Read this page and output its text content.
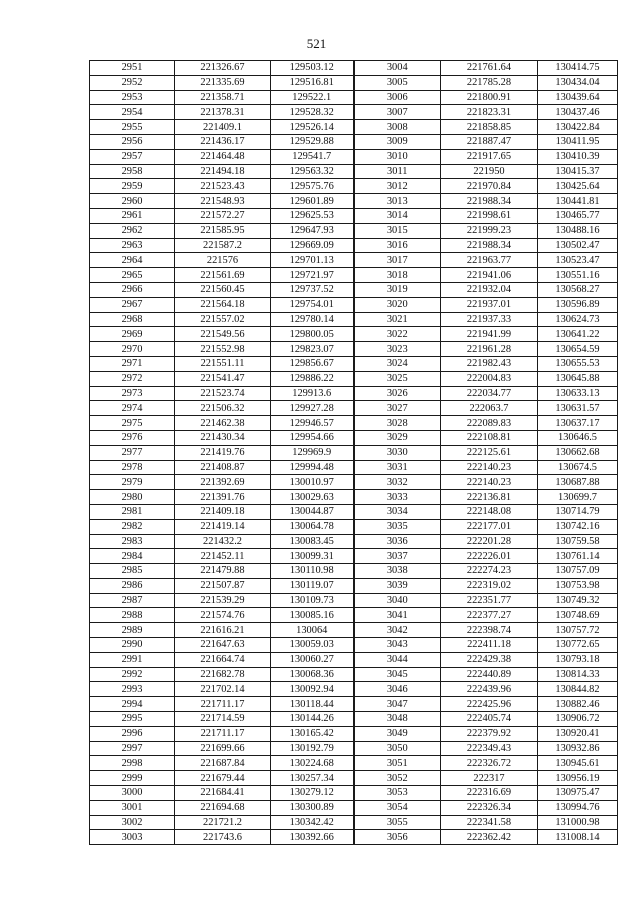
521
2951	221326.67	129503.12	3004	221761.64	130414.75
2952	221335.69	129516.81	3005	221785.28	130434.04
2953	221358.71	129522.1	3006	221800.91	130439.64
2954	221378.31	129528.32	3007	221823.31	130437.46
2955	221409.1	129526.14	3008	221858.85	130422.84
2956	221436.17	129529.88	3009	221887.47	130411.95
2957	221464.48	129541.7	3010	221917.65	130410.39
2958	221494.18	129563.32	3011	221950	130415.37
2959	221523.43	129575.76	3012	221970.84	130425.64
2960	221548.93	129601.89	3013	221988.34	130441.81
2961	221572.27	129625.53	3014	221998.61	130465.77
2962	221585.95	129647.93	3015	221999.23	130488.16
2963	221587.2	129669.09	3016	221988.34	130502.47
2964	221576	129701.13	3017	221963.77	130523.47
2965	221561.69	129721.97	3018	221941.06	130551.16
2966	221560.45	129737.52	3019	221932.04	130568.27
2967	221564.18	129754.01	3020	221937.01	130596.89
2968	221557.02	129780.14	3021	221937.33	130624.73
2969	221549.56	129800.05	3022	221941.99	130641.22
2970	221552.98	129823.07	3023	221961.28	130654.59
2971	221551.11	129856.67	3024	221982.43	130655.53
2972	221541.47	129886.22	3025	222004.83	130645.88
2973	221523.74	129913.6	3026	222034.77	130633.13
2974	221506.32	129927.28	3027	222063.7	130631.57
2975	221462.38	129946.57	3028	222089.83	130637.17
2976	221430.34	129954.66	3029	222108.81	130646.5
2977	221419.76	129969.9	3030	222125.61	130662.68
2978	221408.87	129994.48	3031	222140.23	130674.5
2979	221392.69	130010.97	3032	222140.23	130687.88
2980	221391.76	130029.63	3033	222136.81	130699.7
2981	221409.18	130044.87	3034	222148.08	130714.79
2982	221419.14	130064.78	3035	222177.01	130742.16
2983	221432.2	130083.45	3036	222201.28	130759.58
2984	221452.11	130099.31	3037	222226.01	130761.14
2985	221479.88	130110.98	3038	222274.23	130757.09
2986	221507.87	130119.07	3039	222319.02	130753.98
2987	221539.29	130109.73	3040	222351.77	130749.32
2988	221574.76	130085.16	3041	222377.27	130748.69
2989	221616.21	130064	3042	222398.74	130757.72
2990	221647.63	130059.03	3043	222411.18	130772.65
2991	221664.74	130060.27	3044	222429.38	130793.18
2992	221682.78	130068.36	3045	222440.89	130814.33
2993	221702.14	130092.94	3046	222439.96	130844.82
2994	221711.17	130118.44	3047	222425.96	130882.46
2995	221714.59	130144.26	3048	222405.74	130906.72
2996	221711.17	130165.42	3049	222379.92	130920.41
2997	221699.66	130192.79	3050	222349.43	130932.86
2998	221687.84	130224.68	3051	222326.72	130945.61
2999	221679.44	130257.34	3052	222317	130956.19
3000	221684.41	130279.12	3053	222316.69	130975.47
3001	221694.68	130300.89	3054	222326.34	130994.76
3002	221721.2	130342.42	3055	222341.58	131000.98
3003	221743.6	130392.66	3056	222362.42	131008.14
